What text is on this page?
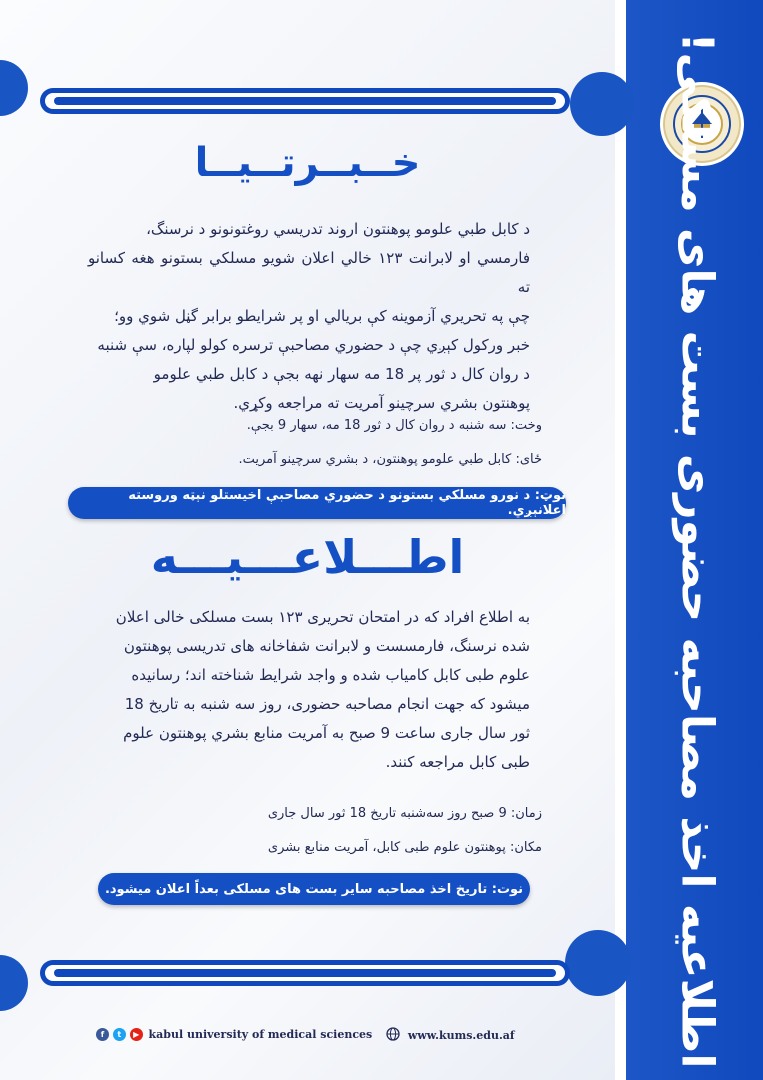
اطلاعیه اخذ مصاحبه حضوری بست های مسلکی!
خــبــرتــیــا
د کابل طبي علومو پوهنتون اروند تدريسي روغتونونو د نرسنگ،
فارمسي او لابرانت ۱۲۳ خالي اعلان شويو مسلکي بستونو هغه کسانو ته
چې په تحريري آزموينه کې بريالي او پر شرايطو برابر گڼل شوي وو؛
خبر ورکول کېږي چې د حضوري مصاحبې ترسره کولو لپاره، سې شنبه
د روان کال د ثور پر 18 مه سهار نهه بجې د کابل طبي علومو
پوهنتون بشري سرچينو آمريت ته مراجعه وکړي.
وخت: سه شنبه د روان کال د ثور 18 مه، سهار 9 بجې.
ځای: کابل طبي علومو پوهنتون، د بشري سرچينو آمريت.
نوټ: د نورو مسلکي بستونو د حضوري مصاحبې اخيستلو نېټه وروسته اعلانېږي.
اطـــلاعـــیـــه
به اطلاع افراد که در امتحان تحریری ۱۲۳ بست مسلکی خالی اعلان
شده نرسنگ، فارمسست و لابرانت شفاخانه های تدریسی پوهنتون
علوم طبی کابل کامیاب شده و واجد شرایط شناخته اند؛ رسانیده
میشود که جهت انجام مصاحبه حضوری، روز سه شنبه به تاریخ 18
ثور سال جاری ساعت 9 صبح به آمریت منابع بشري پوهنتون علوم
طبی کابل مراجعه کنند.
زمان: 9 صبح روز سه‌شنبه تاریخ 18 ثور سال جاری
مکان: پوهنتون علوم طبی کابل، آمریت منابع بشری
نوت: تاریخ اخذ مصاحبه سایر بست های مسلکی بعداً اعلان میشود.
f t ▶ kabul university of medical sciences	www.kums.edu.af
